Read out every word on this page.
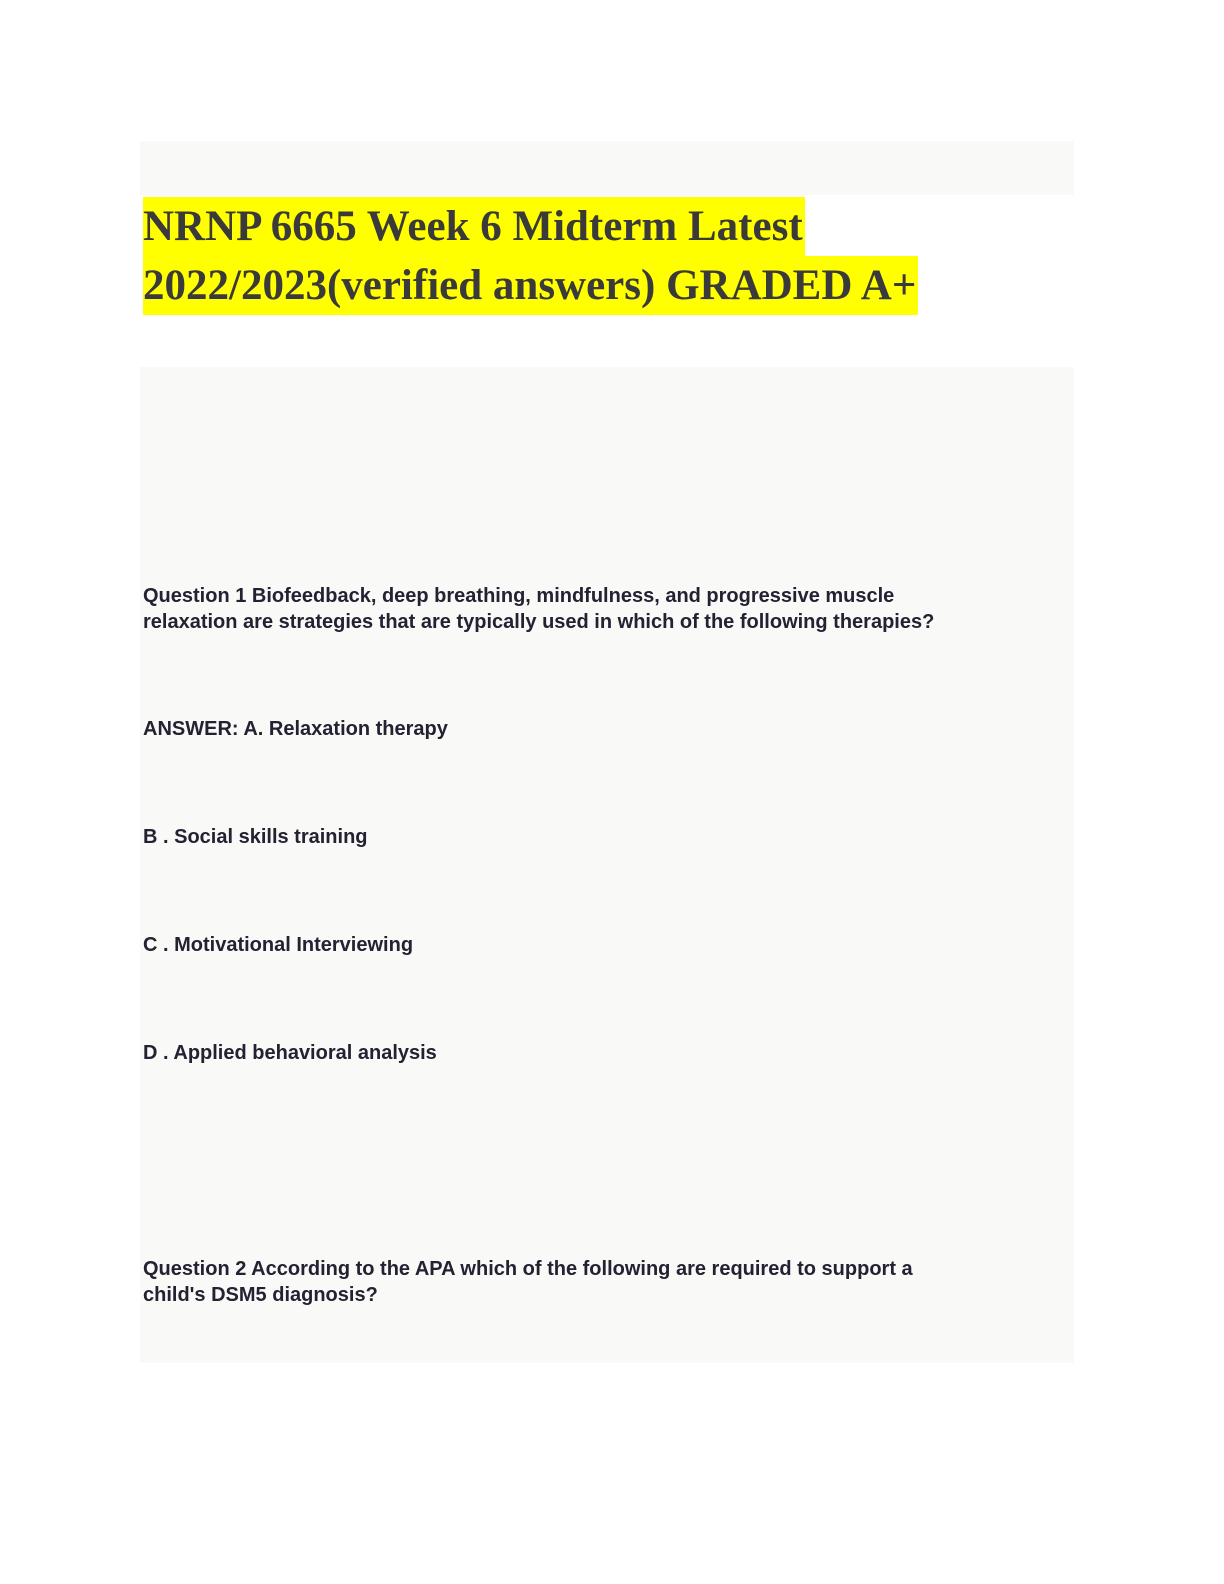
NRNP 6665 Week 6 Midterm Latest
2022/2023(verified answers) GRADED A+

Question 1 Biofeedback, deep breathing, mindfulness, and progressive muscle
relaxation are strategies that are typically used in which of the following therapies?

ANSWER: A. Relaxation therapy

B . Social skills training

C . Motivational Interviewing

D . Applied behavioral analysis

Question 2 According to the APA which of the following are required to support a
child's DSM5 diagnosis?
